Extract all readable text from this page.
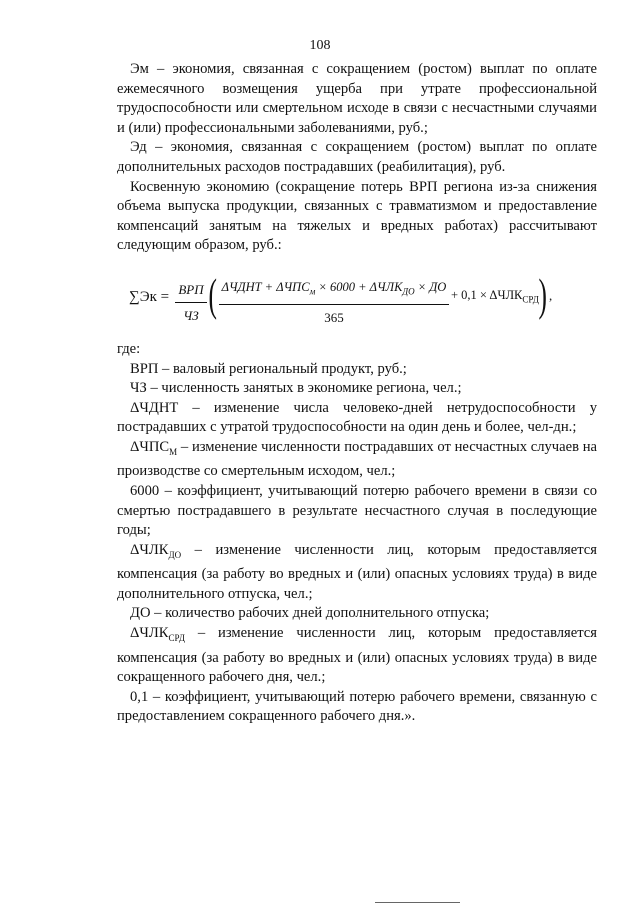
108

Эм – экономия, связанная с сокращением (ростом) выплат по оплате ежемесячного возмещения ущерба при утрате профессиональной трудоспособности или смертельном исходе в связи с несчастными случаями и (или) профессиональными заболеваниями, руб.;

Эд – экономия, связанная с сокращением (ростом) выплат по оплате дополнительных расходов пострадавших (реабилитация), руб.

Косвенную экономию (сокращение потерь ВРП региона из-за снижения объема выпуска продукции, связанных с травматизмом и предоставление компенсаций занятым на тяжелых и вредных работах) рассчитывают следующим образом, руб.:

∑Эк = ВРП
ЧЗ ( ΔЧДНТ + $\Delta ЧПС_м \times 6000 + \Delta ЧЛК_{ДО}$ × ДО
365
+ $0,1 \times \Delta ЧЛК_{СРД}$ ) ,

где:

ВРП – валовый региональный продукт, руб.;

ЧЗ – численность занятых в экономике региона, чел.;

ΔЧДНТ – изменение числа человеко-дней нетрудоспособности у пострадавших с утратой трудоспособности на один день и более, чел-дн.;

$\Delta ЧПС_М$ – изменение численности пострадавших от несчастных случаев на производстве со смертельным исходом, чел.;

6000 – коэффициент, учитывающий потерю рабочего времени в связи со смертью пострадавшего в результате несчастного случая в последующие годы;

$\Delta ЧЛК_{ДО}$ – изменение численности лиц, которым предоставляется компенсация (за работу во вредных и (или) опасных условиях труда) в виде дополнительного отпуска, чел.;

ДО – количество рабочих дней дополнительного отпуска;

$\Delta ЧЛК_{СРД}$ – изменение численности лиц, которым предоставляется компенсация (за работу во вредных и (или) опасных условиях труда) в виде сокращенного рабочего дня, чел.;

0,1 – коэффициент, учитывающий потерю рабочего времени, связанную с предоставлением сокращенного рабочего дня.».
